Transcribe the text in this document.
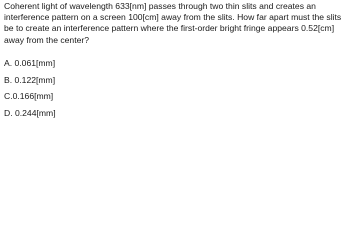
Coherent light of wavelength 633[nm] passes through two thin slits and creates an interference pattern on a screen 100[cm] away from the slits. How far apart must the slits be to create an interference pattern where the first-order bright fringe appears 0.52[cm] away from the center?

A. 0.061[mm]
B. 0.122[mm]
C.0.166[mm]
D. 0.244[mm]
